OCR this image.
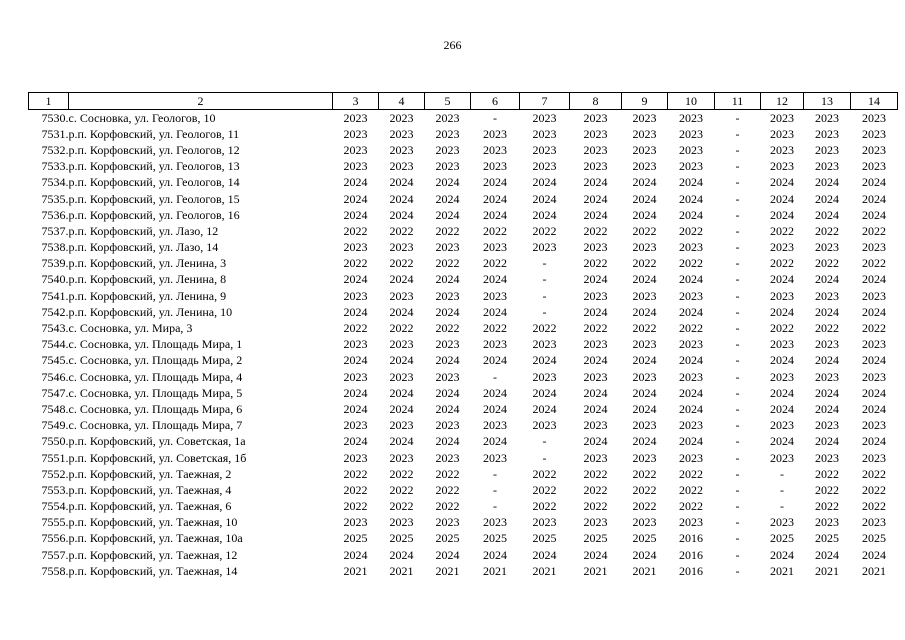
266
1	2	3	4	5	6	7	8	9	10	11	12	13	14
7530.	с. Сосновка, ул. Геологов, 10	2023	2023	2023	-	2023	2023	2023	2023	-	2023	2023	2023
7531.	р.п. Корфовский, ул. Геологов, 11	2023	2023	2023	2023	2023	2023	2023	2023	-	2023	2023	2023
7532.	р.п. Корфовский, ул. Геологов, 12	2023	2023	2023	2023	2023	2023	2023	2023	-	2023	2023	2023
7533.	р.п. Корфовский, ул. Геологов, 13	2023	2023	2023	2023	2023	2023	2023	2023	-	2023	2023	2023
7534.	р.п. Корфовский, ул. Геологов, 14	2024	2024	2024	2024	2024	2024	2024	2024	-	2024	2024	2024
7535.	р.п. Корфовский, ул. Геологов, 15	2024	2024	2024	2024	2024	2024	2024	2024	-	2024	2024	2024
7536.	р.п. Корфовский, ул. Геологов, 16	2024	2024	2024	2024	2024	2024	2024	2024	-	2024	2024	2024
7537.	р.п. Корфовский, ул. Лазо, 12	2022	2022	2022	2022	2022	2022	2022	2022	-	2022	2022	2022
7538.	р.п. Корфовский, ул. Лазо, 14	2023	2023	2023	2023	2023	2023	2023	2023	-	2023	2023	2023
7539.	р.п. Корфовский, ул. Ленина, 3	2022	2022	2022	2022	-	2022	2022	2022	-	2022	2022	2022
7540.	р.п. Корфовский, ул. Ленина, 8	2024	2024	2024	2024	-	2024	2024	2024	-	2024	2024	2024
7541.	р.п. Корфовский, ул. Ленина, 9	2023	2023	2023	2023	-	2023	2023	2023	-	2023	2023	2023
7542.	р.п. Корфовский, ул. Ленина, 10	2024	2024	2024	2024	-	2024	2024	2024	-	2024	2024	2024
7543.	с. Сосновка, ул. Мира, 3	2022	2022	2022	2022	2022	2022	2022	2022	-	2022	2022	2022
7544.	с. Сосновка, ул. Площадь Мира, 1	2023	2023	2023	2023	2023	2023	2023	2023	-	2023	2023	2023
7545.	с. Сосновка, ул. Площадь Мира, 2	2024	2024	2024	2024	2024	2024	2024	2024	-	2024	2024	2024
7546.	с. Сосновка, ул. Площадь Мира, 4	2023	2023	2023	-	2023	2023	2023	2023	-	2023	2023	2023
7547.	с. Сосновка, ул. Площадь Мира, 5	2024	2024	2024	2024	2024	2024	2024	2024	-	2024	2024	2024
7548.	с. Сосновка, ул. Площадь Мира, 6	2024	2024	2024	2024	2024	2024	2024	2024	-	2024	2024	2024
7549.	с. Сосновка, ул. Площадь Мира, 7	2023	2023	2023	2023	2023	2023	2023	2023	-	2023	2023	2023
7550.	р.п. Корфовский, ул. Советская, 1а	2024	2024	2024	2024	-	2024	2024	2024	-	2024	2024	2024
7551.	р.п. Корфовский, ул. Советская, 1б	2023	2023	2023	2023	-	2023	2023	2023	-	2023	2023	2023
7552.	р.п. Корфовский, ул. Таежная, 2	2022	2022	2022	-	2022	2022	2022	2022	-	-	2022	2022
7553.	р.п. Корфовский, ул. Таежная, 4	2022	2022	2022	-	2022	2022	2022	2022	-	-	2022	2022
7554.	р.п. Корфовский, ул. Таежная, 6	2022	2022	2022	-	2022	2022	2022	2022	-	-	2022	2022
7555.	р.п. Корфовский, ул. Таежная, 10	2023	2023	2023	2023	2023	2023	2023	2023	-	2023	2023	2023
7556.	р.п. Корфовский, ул. Таежная, 10а	2025	2025	2025	2025	2025	2025	2025	2016	-	2025	2025	2025
7557.	р.п. Корфовский, ул. Таежная, 12	2024	2024	2024	2024	2024	2024	2024	2016	-	2024	2024	2024
7558.	р.п. Корфовский, ул. Таежная, 14	2021	2021	2021	2021	2021	2021	2021	2016	-	2021	2021	2021
